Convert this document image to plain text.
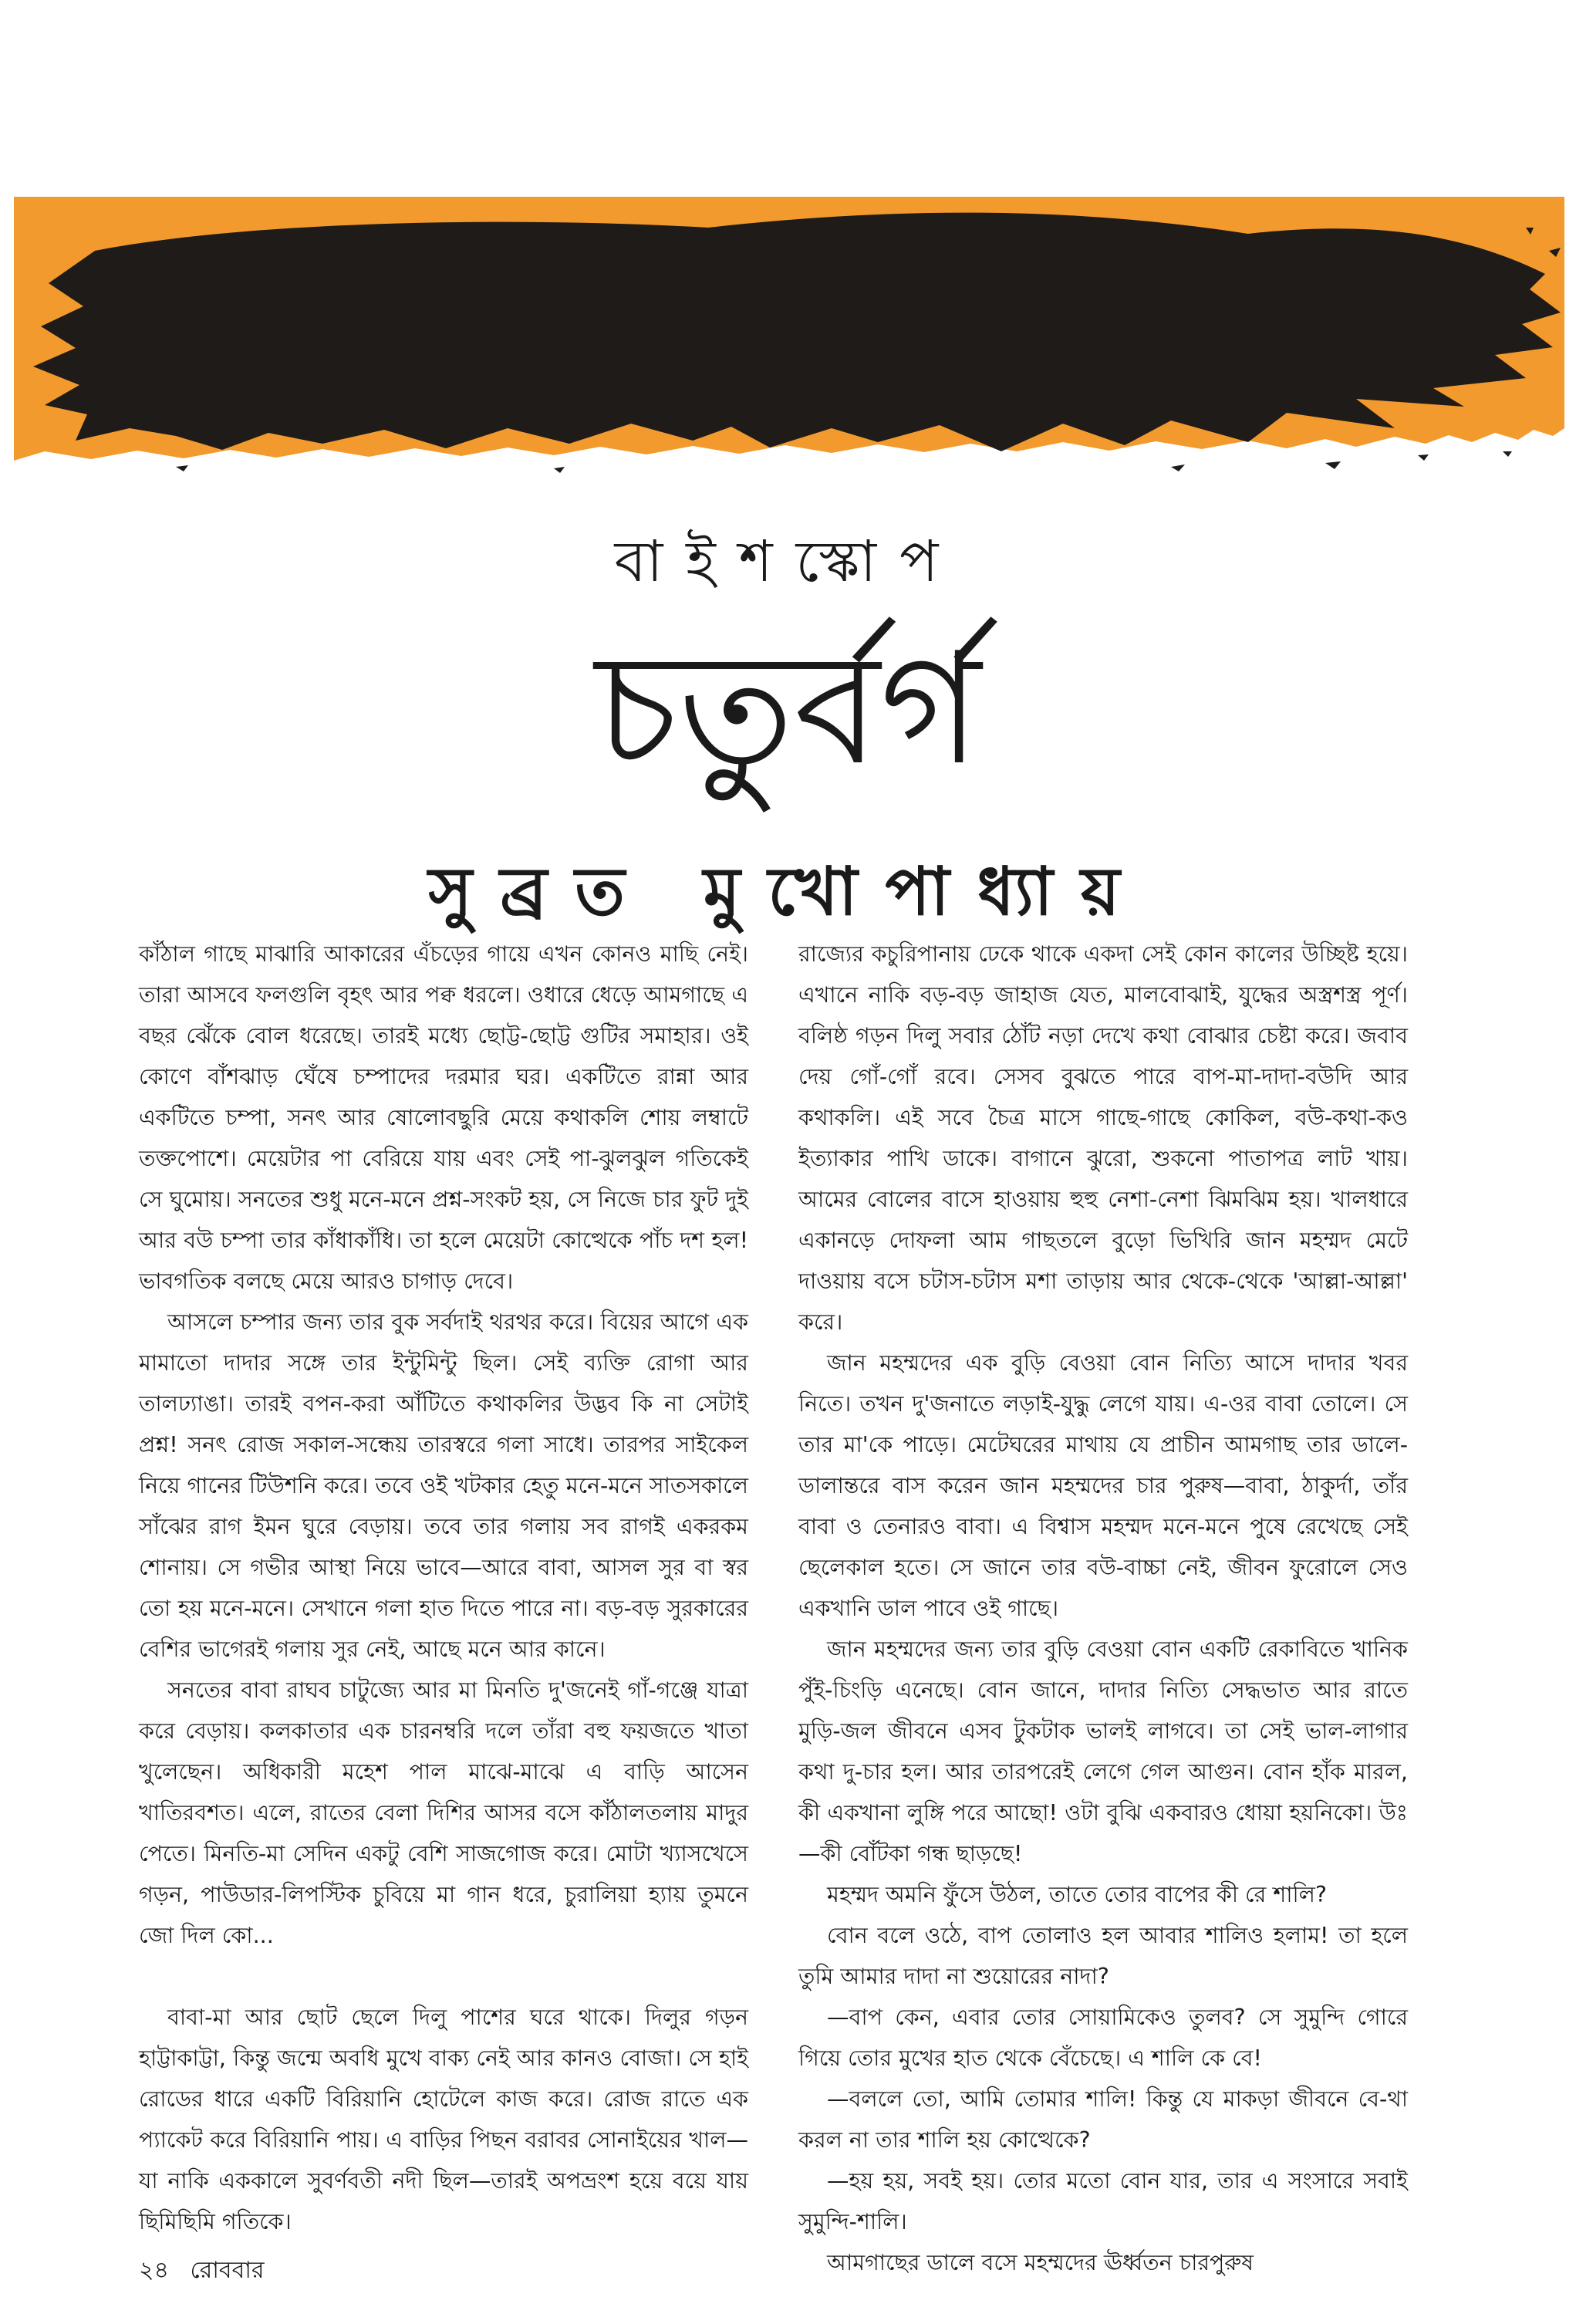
বাইশস্কোপ
চতুর্বর্গ
সুব্রত মুখোপাধ্যায়

কাঁঠাল গাছে মাঝারি আকারের এঁচড়ের গায়ে এখন কোনও মাছি নেই। তারা আসবে ফলগুলি বৃহৎ আর পক্ব ধরলে। ওধারে ধেড়ে আমগাছে এ বছর ঝেঁকে বোল ধরেছে। তারই মধ্যে ছোট্ট-ছোট্ট গুটির সমাহার। ওই কোণে বাঁশঝাড় ঘেঁষে চম্পাদের দরমার ঘর। একটিতে রান্না আর একটিতে চম্পা, সনৎ আর ষোলোবছুরি মেয়ে কথাকলি শোয় লম্বাটে তক্তপোশে। মেয়েটার পা বেরিয়ে যায় এবং সেই পা-ঝুলঝুল গতিকেই সে ঘুমোয়। সনতের শুধু মনে-মনে প্রশ্ন-সংকট হয়, সে নিজে চার ফুট দুই আর বউ চম্পা তার কাঁধাকাঁধি। তা হলে মেয়েটা কোত্থেকে পাঁচ দশ হল! ভাবগতিক বলছে মেয়ে আরও চাগাড় দেবে।

আসলে চম্পার জন্য তার বুক সর্বদাই থরথর করে। বিয়ের আগে এক মামাতো দাদার সঙ্গে তার ইন্টুমিন্টু ছিল। সেই ব্যক্তি রোগা আর তালঢ্যাঙা। তারই বপন-করা আঁটিতে কথাকলির উদ্ভব কি না সেটাই প্রশ্ন! সনৎ রোজ সকাল-সন্ধেয় তারস্বরে গলা সাধে। তারপর সাইকেল নিয়ে গানের টিউশনি করে। তবে ওই খটকার হেতু মনে-মনে সাতসকালে সাঁঝের রাগ ইমন ঘুরে বেড়ায়। তবে তার গলায় সব রাগই একরকম শোনায়। সে গভীর আস্থা নিয়ে ভাবে—আরে বাবা, আসল সুর বা স্বর তো হয় মনে-মনে। সেখানে গলা হাত দিতে পারে না। বড়-বড় সুরকারের বেশির ভাগেরই গলায় সুর নেই, আছে মনে আর কানে।

সনতের বাবা রাঘব চাটুজ্যে আর মা মিনতি দু'জনেই গাঁ-গঞ্জে যাত্রা করে বেড়ায়। কলকাতার এক চারনম্বরি দলে তাঁরা বহু ফয়জতে খাতা খুলেছেন। অধিকারী মহেশ পাল মাঝে-মাঝে এ বাড়ি আসেন খাতিরবশত। এলে, রাতের বেলা দিশির আসর বসে কাঁঠালতলায় মাদুর পেতে। মিনতি-মা সেদিন একটু বেশি সাজগোজ করে। মোটা খ্যাসখেসে গড়ন, পাউডার-লিপস্টিক চুবিয়ে মা গান ধরে, চুরালিয়া হ্যায় তুমনে জো দিল কো...

বাবা-মা আর ছোট ছেলে দিলু পাশের ঘরে থাকে। দিলুর গড়ন হাট্টাকাট্টা, কিন্তু জন্মে অবধি মুখে বাক্য নেই আর কানও বোজা। সে হাই রোডের ধারে একটি বিরিয়ানি হোটেলে কাজ করে। রোজ রাতে এক প্যাকেট করে বিরিয়ানি পায়। এ বাড়ির পিছন বরাবর সোনাইয়ের খাল—যা নাকি এককালে সুবর্ণবতী নদী ছিল—তারই অপভ্রংশ হয়ে বয়ে যায় ছিমিছিমি গতিকে।

রাজ্যের কচুরিপানায় ঢেকে থাকে একদা সেই কোন কালের উচ্ছিষ্ট হয়ে। এখানে নাকি বড়-বড় জাহাজ যেত, মালবোঝাই, যুদ্ধের অস্ত্রশস্ত্র পূর্ণ। বলিষ্ঠ গড়ন দিলু সবার ঠোঁট নড়া দেখে কথা বোঝার চেষ্টা করে। জবাব দেয় গোঁ-গোঁ রবে। সেসব বুঝতে পারে বাপ-মা-দাদা-বউদি আর কথাকলি। এই সবে চৈত্র মাসে গাছে-গাছে কোকিল, বউ-কথা-কও ইত্যাকার পাখি ডাকে। বাগানে ঝুরো, শুকনো পাতাপত্র লাট খায়। আমের বোলের বাসে হাওয়ায় হুহু নেশা-নেশা ঝিমঝিম হয়। খালধারে একানড়ে দোফলা আম গাছতলে বুড়ো ভিখিরি জান মহম্মদ মেটে দাওয়ায় বসে চটাস-চটাস মশা তাড়ায় আর থেকে-থেকে 'আল্লা-আল্লা' করে।

জান মহম্মদের এক বুড়ি বেওয়া বোন নিত্যি আসে দাদার খবর নিতে। তখন দু'জনাতে লড়াই-যুদ্ধু লেগে যায়। এ-ওর বাবা তোলে। সে তার মা'কে পাড়ে। মেটেঘরের মাথায় যে প্রাচীন আমগাছ তার ডালে-ডালান্তরে বাস করেন জান মহম্মদের চার পুরুষ—বাবা, ঠাকুর্দা, তাঁর বাবা ও তেনারও বাবা। এ বিশ্বাস মহম্মদ মনে-মনে পুষে রেখেছে সেই ছেলেকাল হতে। সে জানে তার বউ-বাচ্চা নেই, জীবন ফুরোলে সেও একখানি ডাল পাবে ওই গাছে।

জান মহম্মদের জন্য তার বুড়ি বেওয়া বোন একটি রেকাবিতে খানিক পুঁই-চিংড়ি এনেছে। বোন জানে, দাদার নিত্যি সেদ্ধভাত আর রাতে মুড়ি-জল জীবনে এসব টুকটাক ভালই লাগবে। তা সেই ভাল-লাগার কথা দু-চার হল। আর তারপরেই লেগে গেল আগুন। বোন হাঁক মারল, কী একখানা লুঙ্গি পরে আছো! ওটা বুঝি একবারও ধোয়া হয়নিকো। উঃ—কী বোঁটকা গন্ধ ছাড়ছে!

মহম্মদ অমনি ফুঁসে উঠল, তাতে তোর বাপের কী রে শালি?

বোন বলে ওঠে, বাপ তোলাও হল আবার শালিও হলাম! তা হলে তুমি আমার দাদা না শুয়োরের নাদা?

—বাপ কেন, এবার তোর সোয়ামিকেও তুলব? সে সুমুন্দি গোরে গিয়ে তোর মুখের হাত থেকে বেঁচেছে। এ শালি কে বে!

—বললে তো, আমি তোমার শালি! কিন্তু যে মাকড়া জীবনে বে-থা করল না তার শালি হয় কোত্থেকে?

—হয় হয়, সবই হয়। তোর মতো বোন যার, তার এ সংসারে সবাই সুমুন্দি-শালি।

আমগাছের ডালে বসে মহম্মদের ঊর্ধ্বতন চারপুরুষ

২৪ রোববার
